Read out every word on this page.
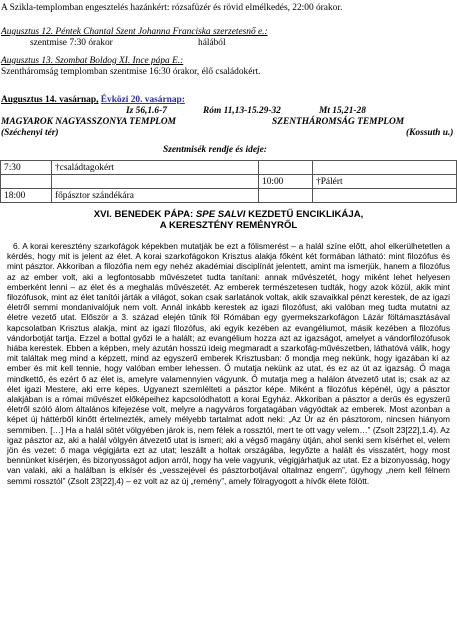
A Szikla-templomban engesztelés hazánkért: rózsafüzér és rövid elmélkedés, 22:00 órakor.
Augusztus 12. Péntek Chantal Szent Johanna Franciska szerzetesnő e.:
szentmise 7:30 órakor	hálából
Augusztus 13. Szombat Boldog XI. Ince pápa E.:
Szentháromság templomban szentmise 16:30 órakor, élő családokért.
Augusztus 14. vasárnap, Évközi 20. vasárnap:
Iz 56,1.6-7	Róm 11,13-15.29-32	Mt 15,21-28
MAGYAROK NAGYASSZONYA TEMPLOM	SZENTHÁROMSÁG TEMPLOM
(Széchenyi tér)	(Kossuth u.)
Szentmisék rendje és ideje:
7:30	†családtagokért		
		10:00	†Pálért
18:00	főpásztor szándékára		
XVI. BENEDEK PÁPA: SPE SALVI KEZDETŰ ENCIKLIKÁJA,
A KERESZTÉNY REMÉNYRŐL
6. A korai keresztény szarkofágok képekben mutatják be ezt a fölismerést – a halál színe előtt, ahol elkerülhetetlen a kérdés, hogy mit is jelent az élet. A korai szarkofágokon Krisztus alakja főként két formában látható: mint filozófus és mint pásztor. Akkoriban a filozófia nem egy nehéz akadémiai disciplínát jelentett, amint ma ismerjük, hanem a filozófus az az ember volt, aki a legfontosabb művészetet tudta tanítani: annak művészetét, hogy miként lehet helyesen emberként lenni – az élet és a meghalás művészetét. Az emberek természetesen tudták, hogy azok közül, akik mint filozófusok, mint az élet tanítói járták a világot, sokan csak sarlatánok voltak, akik szavaikkal pénzt kerestek, de az igazi életről semmi mondanivalójuk nem volt. Annál inkább kerestek az igazi filozófust, aki valóban meg tudta mutatni az életre vezető utat. Először a 3. század elején tűnik föl Rómában egy gyermekszarkofágon Lázár föltámasztásával kapcsolatban Krisztus alakja, mint az igazi filozófus, aki egyik kezében az evangéliumot, másik kezében a filozófus vándorbotját tartja. Ezzel a bottal győzi le a halált; az evangélium hozza azt az igazságot, amelyet a vándorfilozófusok hiába kerestek. Ebben a képben, mely azután hosszú ideig megmaradt a szarkofág-művészetben, láthatóvá válik, hogy mit találtak meg mind a képzett, mind az egyszerű emberek Krisztusban: ő mondja meg nekünk, hogy igazában ki az ember és mit kell tennie, hogy valóban ember lehessen. Ő mutatja nekünk az utat, és ez az út az igazság. Ő maga mindkettő, és ezért ő az élet is, amelyre valamennyien vágyunk. Ő mutatja meg a halálon átvezető utat is; csak az az élet igazi Mestere, aki erre képes. Ugyanezt szemlélteti a pásztor képe. Miként a filozófus képénél, úgy a pásztor alakjában is a római művészet előképeihez kapcsolódhatott a korai Egyház. Akkoriban a pásztor a derűs és egyszerű életről szóló álom általános kifejezése volt, melyre a nagyváros forgatagában vágyódtak az emberek. Most azonban a képet új háttérből kinőtt értelmezték, amely mélyebb tartalmat adott neki: „Az Úr az én pásztorom, nincsen hiányom semmiben. […] Ha a halál sötét völgyében járok is, nem félek a rossztól, mert te ott vagy velem…” (Zsolt 23[22],1.4). Az igaz pásztor az, aki a halál völgyén átvezető utat is ismeri; aki a végső magány útján, ahol senki sem kísérhet el, velem jön és vezet: ő maga végigjárta ezt az utat; leszállt a holtak országába, legyőzte a halált és visszatért, hogy most bennünket kísérjen, és bizonyosságot adjon arról, hogy ha vele vagyunk, végigjárhatjuk az utat. Ez a bizonyosság, hogy van valaki, aki a halálban is elkísér és „vesszejével és pásztorbotjával oltalmaz engem”, úgyhogy „nem kell félnem semmi rossztól” (Zsolt 23[22],4) – ez volt az az új „remény”, amely fölragyogott a hívők élete fölött.
